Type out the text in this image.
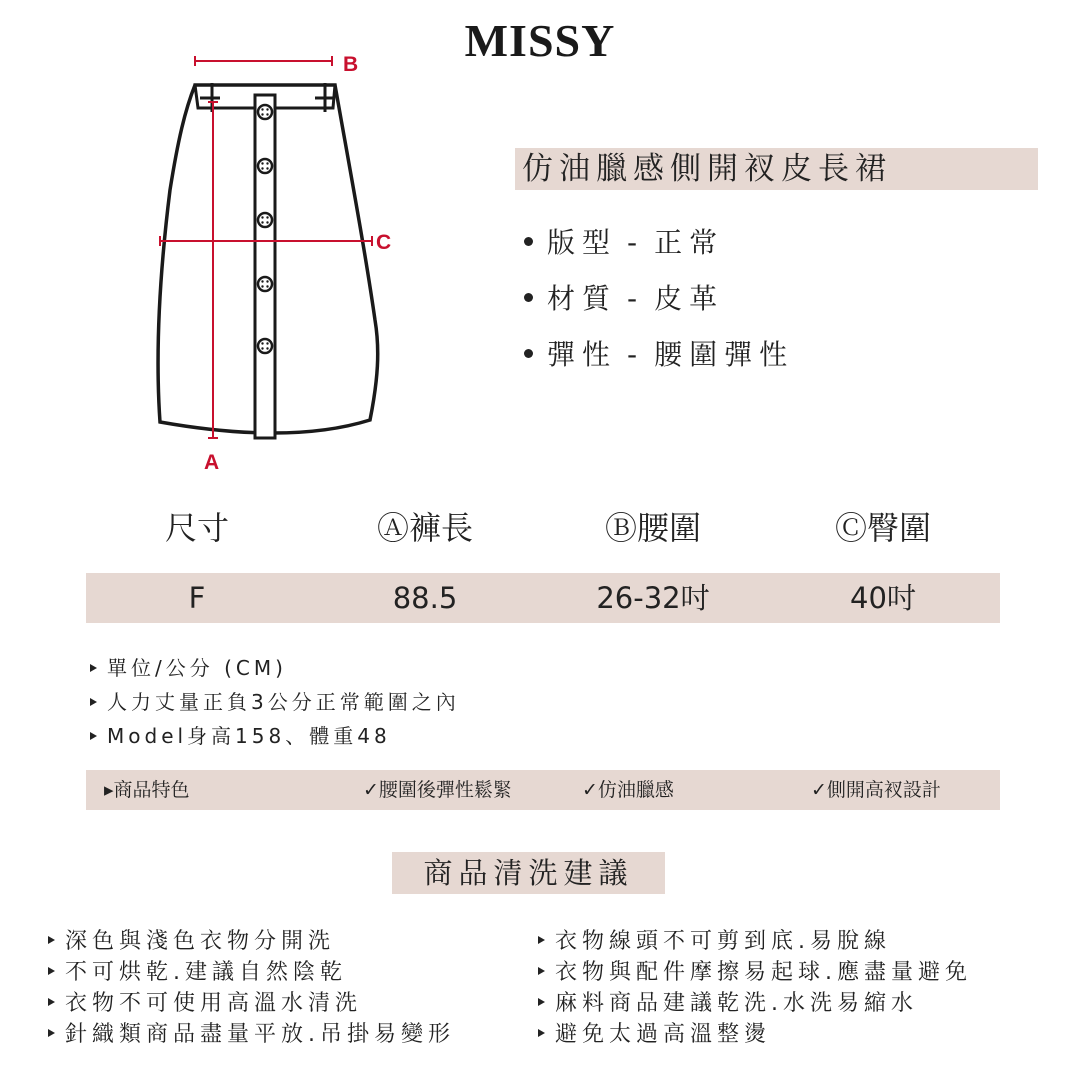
MISSY
B
C
A
仿油臘感側開衩皮長裙
版型 - 正常
材質 - 皮革
彈性 - 腰圍彈性
尺寸	Ⓐ褲長	Ⓑ腰圍	Ⓒ臀圍
F	88.5	26-32吋	40吋
單位/公分 (CM)
人力丈量正負3公分正常範圍之內
Model身高158、體重48
▸商品特色	✓腰圍後彈性鬆緊	✓仿油臘感	✓側開高衩設計
商品清洗建議
深色與淺色衣物分開洗
不可烘乾.建議自然陰乾
衣物不可使用高溫水清洗
針織類商品盡量平放.吊掛易變形
衣物線頭不可剪到底.易脫線
衣物與配件摩擦易起球.應盡量避免
麻料商品建議乾洗.水洗易縮水
避免太過高溫整燙
